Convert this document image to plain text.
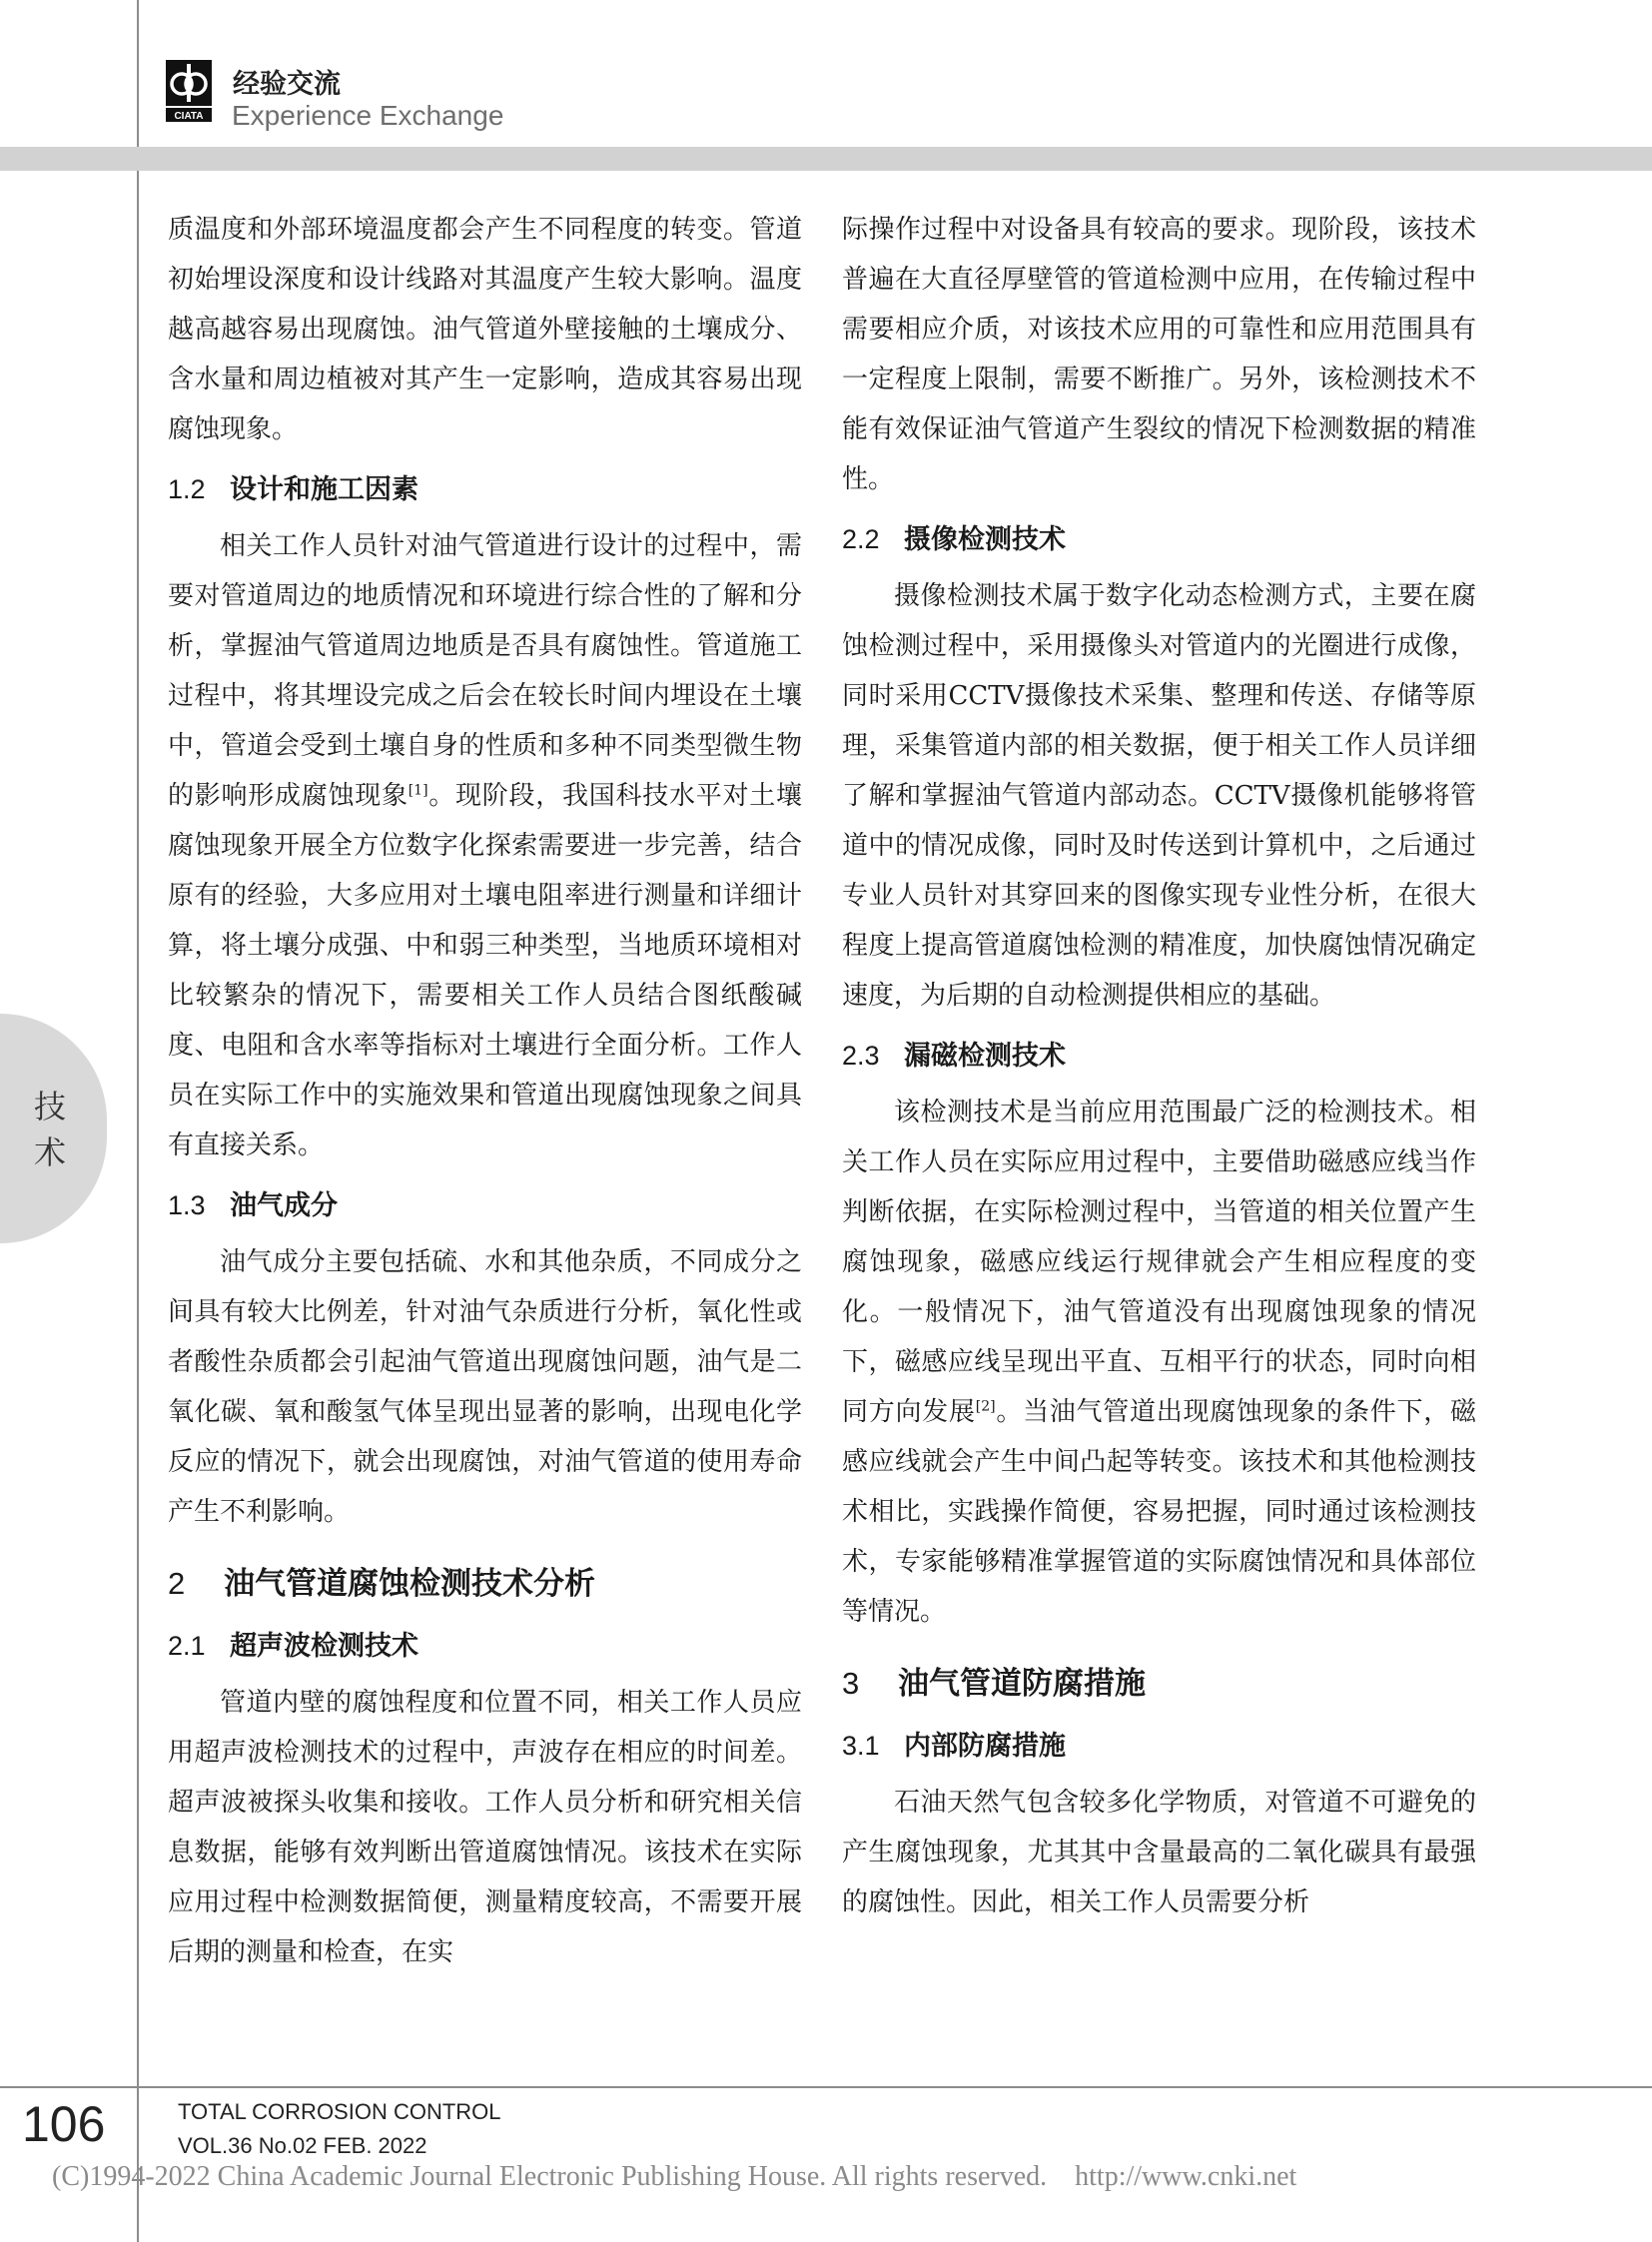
CIATA
经验交流
Experience Exchange
技术

质温度和外部环境温度都会产生不同程度的转变。管道初始埋设深度和设计线路对其温度产生较大影响。温度越高越容易出现腐蚀。油气管道外壁接触的土壤成分、含水量和周边植被对其产生一定影响，造成其容易出现腐蚀现象。

1.2 设计和施工因素

相关工作人员针对油气管道进行设计的过程中，需要对管道周边的地质情况和环境进行综合性的了解和分析，掌握油气管道周边地质是否具有腐蚀性。管道施工过程中，将其埋设完成之后会在较长时间内埋设在土壤中，管道会受到土壤自身的性质和多种不同类型微生物的影响形成腐蚀现象[1]。现阶段，我国科技水平对土壤腐蚀现象开展全方位数字化探索需要进一步完善，结合原有的经验，大多应用对土壤电阻率进行测量和详细计算，将土壤分成强、中和弱三种类型，当地质环境相对比较繁杂的情况下，需要相关工作人员结合图纸酸碱度、电阻和含水率等指标对土壤进行全面分析。工作人员在实际工作中的实施效果和管道出现腐蚀现象之间具有直接关系。

1.3 油气成分

油气成分主要包括硫、水和其他杂质，不同成分之间具有较大比例差，针对油气杂质进行分析，氧化性或者酸性杂质都会引起油气管道出现腐蚀问题，油气是二氧化碳、氧和酸氢气体呈现出显著的影响，出现电化学反应的情况下，就会出现腐蚀，对油气管道的使用寿命产生不利影响。

2 油气管道腐蚀检测技术分析
2.1 超声波检测技术

管道内壁的腐蚀程度和位置不同，相关工作人员应用超声波检测技术的过程中，声波存在相应的时间差。超声波被探头收集和接收。工作人员分析和研究相关信息数据，能够有效判断出管道腐蚀情况。该技术在实际应用过程中检测数据简便，测量精度较高，不需要开展后期的测量和检查，在实

际操作过程中对设备具有较高的要求。现阶段，该技术普遍在大直径厚壁管的管道检测中应用，在传输过程中需要相应介质，对该技术应用的可靠性和应用范围具有一定程度上限制，需要不断推广。另外，该检测技术不能有效保证油气管道产生裂纹的情况下检测数据的精准性。

2.2 摄像检测技术

摄像检测技术属于数字化动态检测方式，主要在腐蚀检测过程中，采用摄像头对管道内的光圈进行成像，同时采用CCTV摄像技术采集、整理和传送、存储等原理，采集管道内部的相关数据，便于相关工作人员详细了解和掌握油气管道内部动态。CCTV摄像机能够将管道中的情况成像，同时及时传送到计算机中，之后通过专业人员针对其穿回来的图像实现专业性分析，在很大程度上提高管道腐蚀检测的精准度，加快腐蚀情况确定速度，为后期的自动检测提供相应的基础。

2.3 漏磁检测技术

该检测技术是当前应用范围最广泛的检测技术。相关工作人员在实际应用过程中，主要借助磁感应线当作判断依据，在实际检测过程中，当管道的相关位置产生腐蚀现象，磁感应线运行规律就会产生相应程度的变化。一般情况下，油气管道没有出现腐蚀现象的情况下，磁感应线呈现出平直、互相平行的状态，同时向相同方向发展[2]。当油气管道出现腐蚀现象的条件下，磁感应线就会产生中间凸起等转变。该技术和其他检测技术相比，实践操作简便，容易把握，同时通过该检测技术，专家能够精准掌握管道的实际腐蚀情况和具体部位等情况。

3 油气管道防腐措施
3.1 内部防腐措施

石油天然气包含较多化学物质，对管道不可避免的产生腐蚀现象，尤其其中含量最高的二氧化碳具有最强的腐蚀性。因此，相关工作人员需要分析

106	TOTAL CORROSION CONTROL
VOL.36 No.02 FEB. 2022
(C)1994-2022 China Academic Journal Electronic Publishing House. All rights reserved. http://www.cnki.net
